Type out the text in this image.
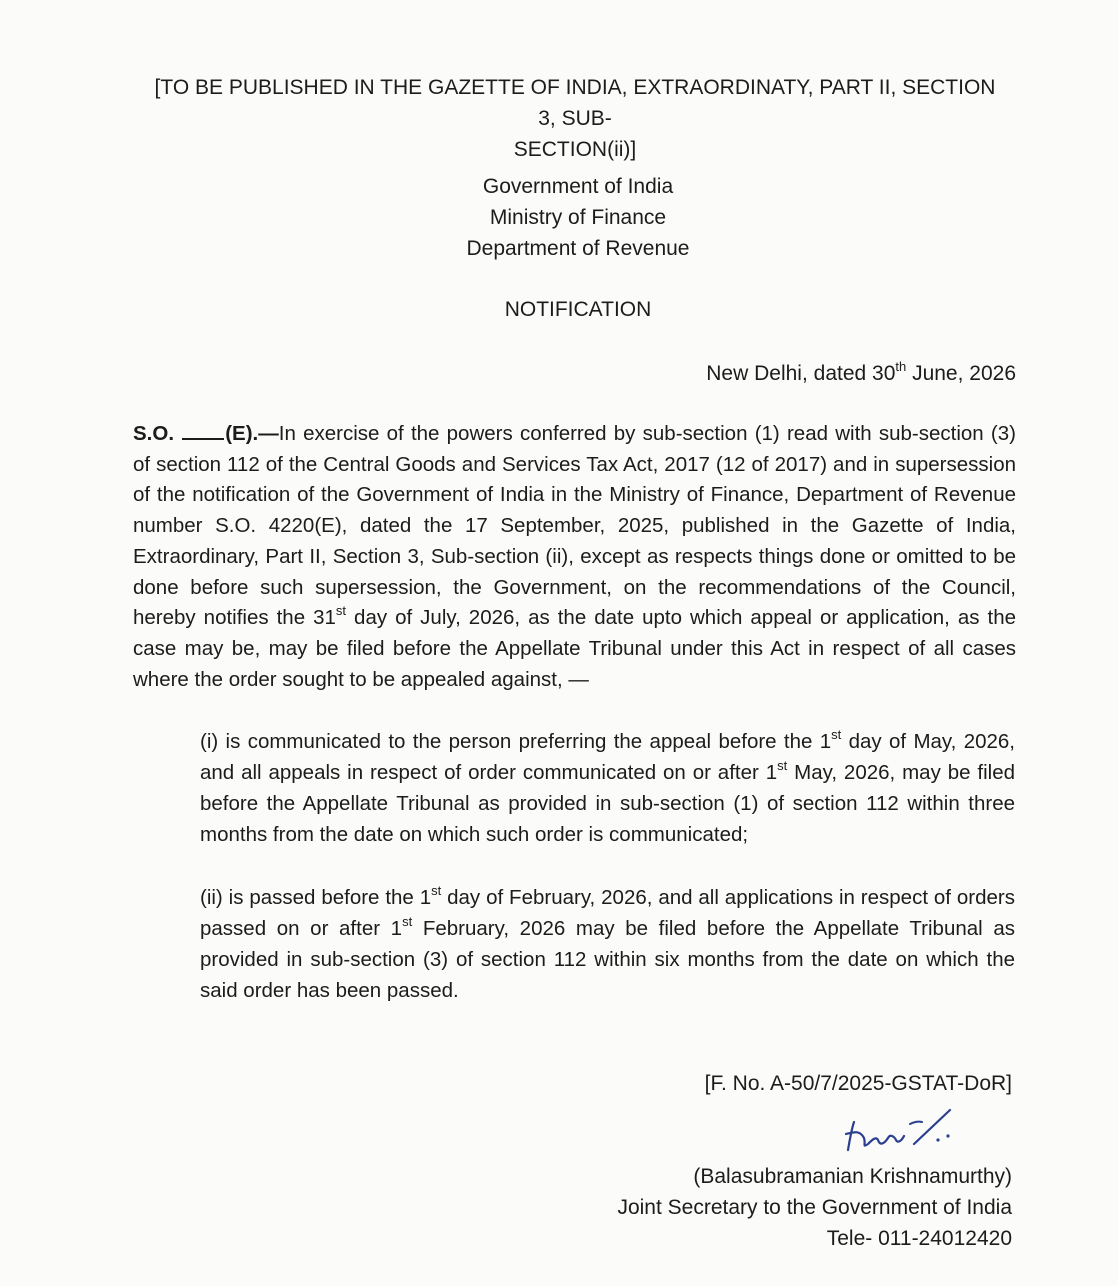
[TO BE PUBLISHED IN THE GAZETTE OF INDIA, EXTRAORDINATY, PART II, SECTION 3, SUB-
SECTION(ii)]
Government of India
Ministry of Finance
Department of Revenue
NOTIFICATION
New Delhi, dated 30th June, 2026
S.O. (E).—In exercise of the powers conferred by sub-section (1) read with sub-section (3) of section 112 of the Central Goods and Services Tax Act, 2017 (12 of 2017) and in supersession of the notification of the Government of India in the Ministry of Finance, Department of Revenue number S.O. 4220(E), dated the 17 September, 2025, published in the Gazette of India, Extraordinary, Part II, Section 3, Sub-section (ii), except as respects things done or omitted to be done before such supersession, the Government, on the recommendations of the Council, hereby notifies the 31st day of July, 2026, as the date upto which appeal or application, as the case may be, may be filed before the Appellate Tribunal under this Act in respect of all cases where the order sought to be appealed against, —
(i) is communicated to the person preferring the appeal before the 1st day of May, 2026, and all appeals in respect of order communicated on or after 1st May, 2026, may be filed before the Appellate Tribunal as provided in sub-section (1) of section 112 within three months from the date on which such order is communicated;
(ii) is passed before the 1st day of February, 2026, and all applications in respect of orders passed on or after 1st February, 2026 may be filed before the Appellate Tribunal as provided in sub-section (3) of section 112 within six months from the date on which the said order has been passed.
[F. No. A-50/7/2025-GSTAT-DoR]
(Balasubramanian Krishnamurthy)
Joint Secretary to the Government of India
Tele- 011-24012420
